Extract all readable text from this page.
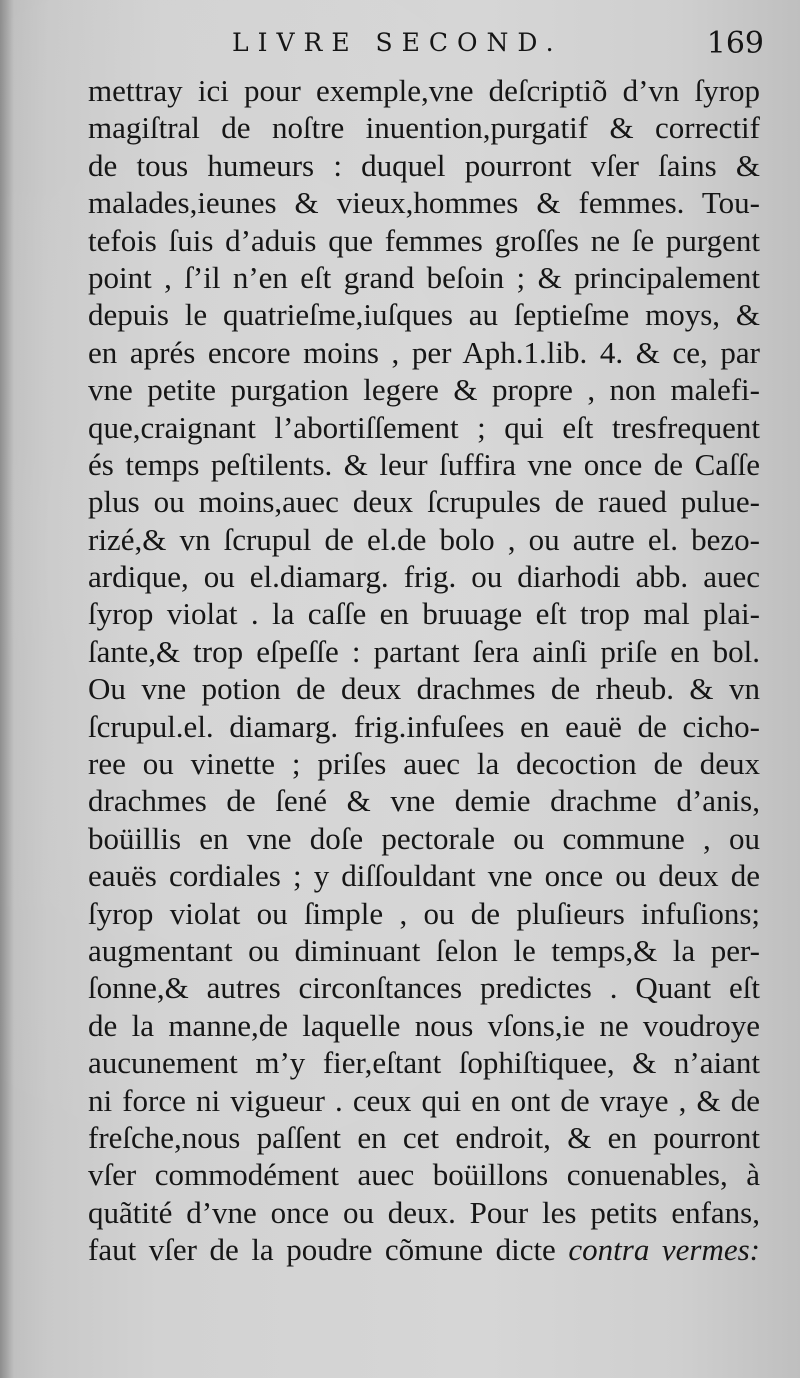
LIVRE SECOND.	169
mettray ici pour exemple,vne deſcriptiõ d’vn ſyrop
magiſtral de noſtre inuention,purgatif & correctif
de tous humeurs : duquel pourront vſer ſains &
malades,ieunes & vieux,hommes & femmes. Tou-
tefois ſuis d’aduis que femmes groſſes ne ſe purgent
point , ſ’il n’en eſt grand beſoin ; & principalement
depuis le quatrieſme,iuſques au ſeptieſme moys, &
en aprés encore moins , per Aph.1.lib. 4. & ce, par
vne petite purgation legere & propre , non malefi-
que,craignant l’abortiſſement ; qui eſt tresfrequent
és temps peſtilents. & leur ſuffira vne once de Caſſe
plus ou moins,auec deux ſcrupules de raued pulue-
rizé,& vn ſcrupul de el.de bolo , ou autre el. bezo-
ardique, ou el.diamarg. frig. ou diarhodi abb. auec
ſyrop violat . la caſſe en bruuage eſt trop mal plai-
ſante,& trop eſpeſſe : partant ſera ainſi priſe en bol.
Ou vne potion de deux drachmes de rheub. & vn
ſcrupul.el. diamarg. frig.infuſees en eauë de cicho-
ree ou vinette ; priſes auec la decoction de deux
drachmes de ſené & vne demie drachme d’anis,
boüillis en vne doſe pectorale ou commune , ou
eauës cordiales ; y diſſouldant vne once ou deux de
ſyrop violat ou ſimple , ou de pluſieurs infuſions;
augmentant ou diminuant ſelon le temps,& la per-
ſonne,& autres circonſtances predictes . Quant eſt
de la manne,de laquelle nous vſons,ie ne voudroye
aucunement m’y fier,eſtant ſophiſtiquee, & n’aiant
ni force ni vigueur . ceux qui en ont de vraye , & de
freſche,nous paſſent en cet endroit, & en pourront
vſer commodément auec boüillons conuenables, à
quãtité d’vne once ou deux. Pour les petits enfans,
faut vſer de la poudre cõmune dicte contra vermes:
